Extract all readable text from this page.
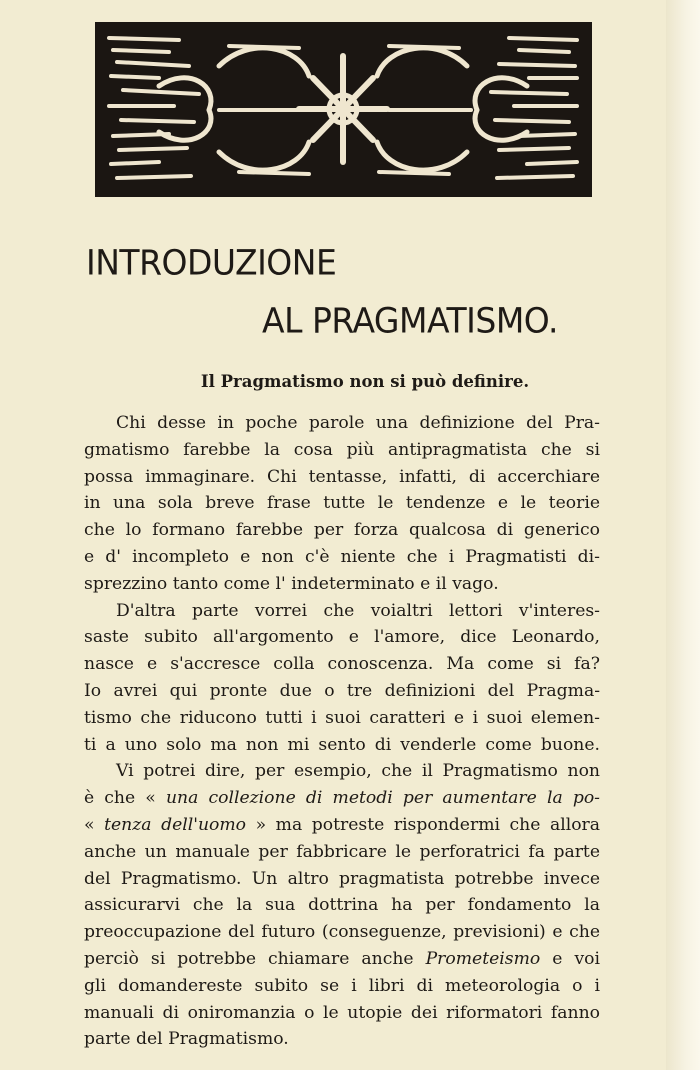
INTRODUZIONE
AL PRAGMATISMO.
Il Pragmatismo non si può definire.

Chi desse in poche parole una definizione del Pra-
gmatismo farebbe la cosa più antipragmatista che si
possa immaginare. Chi tentasse, infatti, di accerchiare
in una sola breve frase tutte le tendenze e le teorie
che lo formano farebbe per forza qualcosa di generico
e d' incompleto e non c'è niente che i Pragmatisti di-
sprezzino tanto come l' indeterminato e il vago.

D'altra parte vorrei che voialtri lettori v'interes-
saste subito all'argomento e l'amore, dice Leonardo,
nasce e s'accresce colla conoscenza. Ma come si fa?
Io avrei qui pronte due o tre definizioni del Pragma-
tismo che riducono tutti i suoi caratteri e i suoi elemen-
ti a uno solo ma non mi sento di venderle come buone.

Vi potrei dire, per esempio, che il Pragmatismo non
è che « una collezione di metodi per aumentare la po-
« tenza dell'uomo » ma potreste rispondermi che allora
anche un manuale per fabbricare le perforatrici fa parte
del Pragmatismo. Un altro pragmatista potrebbe invece
assicurarvi che la sua dottrina ha per fondamento la
preoccupazione del futuro (conseguenze, previsioni) e che
perciò si potrebbe chiamare anche Prometeismo e voi
gli domandereste subito se i libri di meteorologia o i
manuali di oniromanzia o le utopie dei riformatori fanno
parte del Pragmatismo.
